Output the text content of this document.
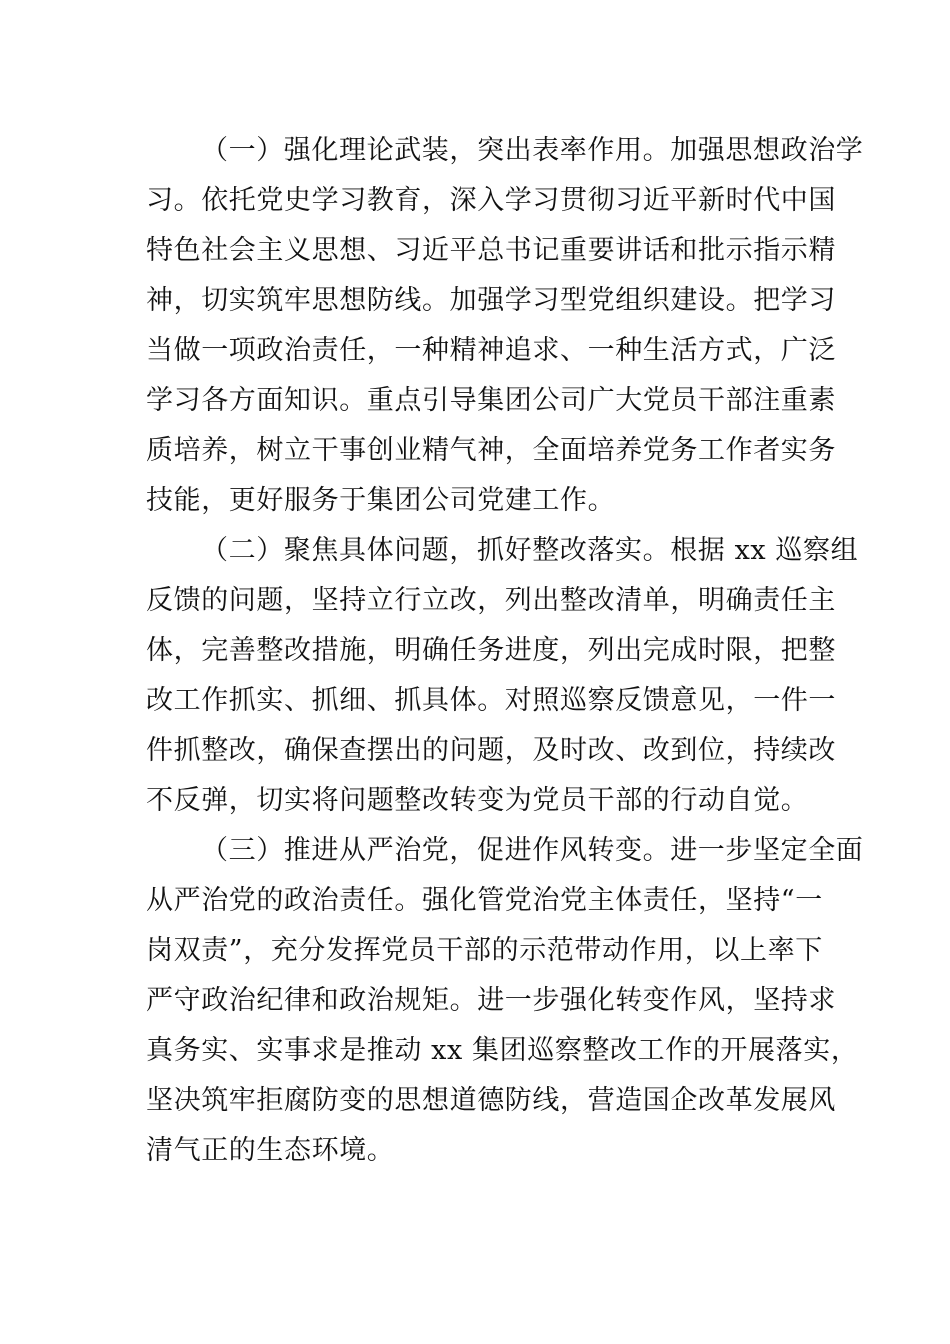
（一）强化理论武装，突出表率作用。加强思想政治学
习。依托党史学习教育，深入学习贯彻习近平新时代中国
特色社会主义思想、习近平总书记重要讲话和批示指示精
神，切实筑牢思想防线。加强学习型党组织建设。把学习
当做一项政治责任，一种精神追求、一种生活方式，广泛
学习各方面知识。重点引导集团公司广大党员干部注重素
质培养，树立干事创业精气神，全面培养党务工作者实务
技能，更好服务于集团公司党建工作。
（二）聚焦具体问题，抓好整改落实。根据 xx 巡察组
反馈的问题，坚持立行立改，列出整改清单，明确责任主
体，完善整改措施，明确任务进度，列出完成时限，把整
改工作抓实、抓细、抓具体。对照巡察反馈意见，一件一
件抓整改，确保查摆出的问题，及时改、改到位，持续改
不反弹，切实将问题整改转变为党员干部的行动自觉。
（三）推进从严治党，促进作风转变。进一步坚定全面
从严治党的政治责任。强化管党治党主体责任，坚持“一
岗双责”，充分发挥党员干部的示范带动作用，以上率下
严守政治纪律和政治规矩。进一步强化转变作风，坚持求
真务实、实事求是推动 xx 集团巡察整改工作的开展落实，
坚决筑牢拒腐防变的思想道德防线，营造国企改革发展风
清气正的生态环境。
